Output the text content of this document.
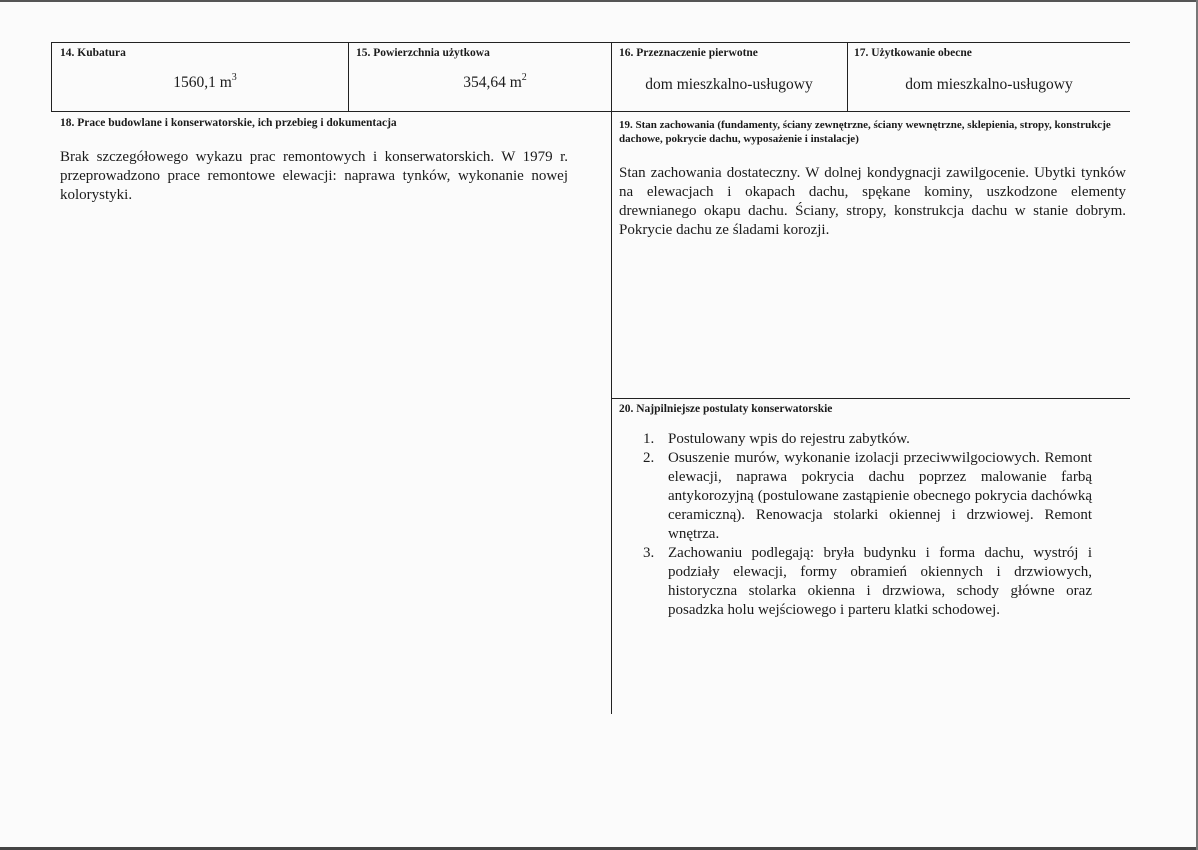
14. Kubatura
1560,1 $m^3$
15. Powierzchnia użytkowa
354,64 $m^2$
16. Przeznaczenie pierwotne
dom mieszkalno-usługowy
17. Użytkowanie obecne
dom mieszkalno-usługowy
18. Prace budowlane i konserwatorskie, ich przebieg i dokumentacja
Brak szczegółowego wykazu prac remontowych i konserwatorskich. W 1979 r. przeprowadzono prace remontowe elewacji: naprawa tynków, wykonanie nowej kolorystyki.
19. Stan zachowania (fundamenty, ściany zewnętrzne, ściany wewnętrzne, sklepienia, stropy, konstrukcje dachowe, pokrycie dachu, wyposażenie i instalacje)
Stan zachowania dostateczny. W dolnej kondygnacji zawilgocenie. Ubytki tynków na elewacjach i okapach dachu, spękane kominy, uszkodzone elementy drewnianego okapu dachu. Ściany, stropy, konstrukcja dachu w stanie dobrym. Pokrycie dachu ze śladami korozji.
20. Najpilniejsze postulaty konserwatorskie
1. Postulowany wpis do rejestru zabytków.
2. Osuszenie murów, wykonanie izolacji przeciwwilgociowych. Remont elewacji, naprawa pokrycia dachu poprzez malowanie farbą antykorozyjną (postulowane zastąpienie obecnego pokrycia dachówką ceramiczną). Renowacja stolarki okiennej i drzwiowej. Remont wnętrza.
3. Zachowaniu podlegają: bryła budynku i forma dachu, wystrój i podziały elewacji, formy obramień okiennych i drzwiowych, historyczna stolarka okienna i drzwiowa, schody główne oraz posadzka holu wejściowego i parteru klatki schodowej.
